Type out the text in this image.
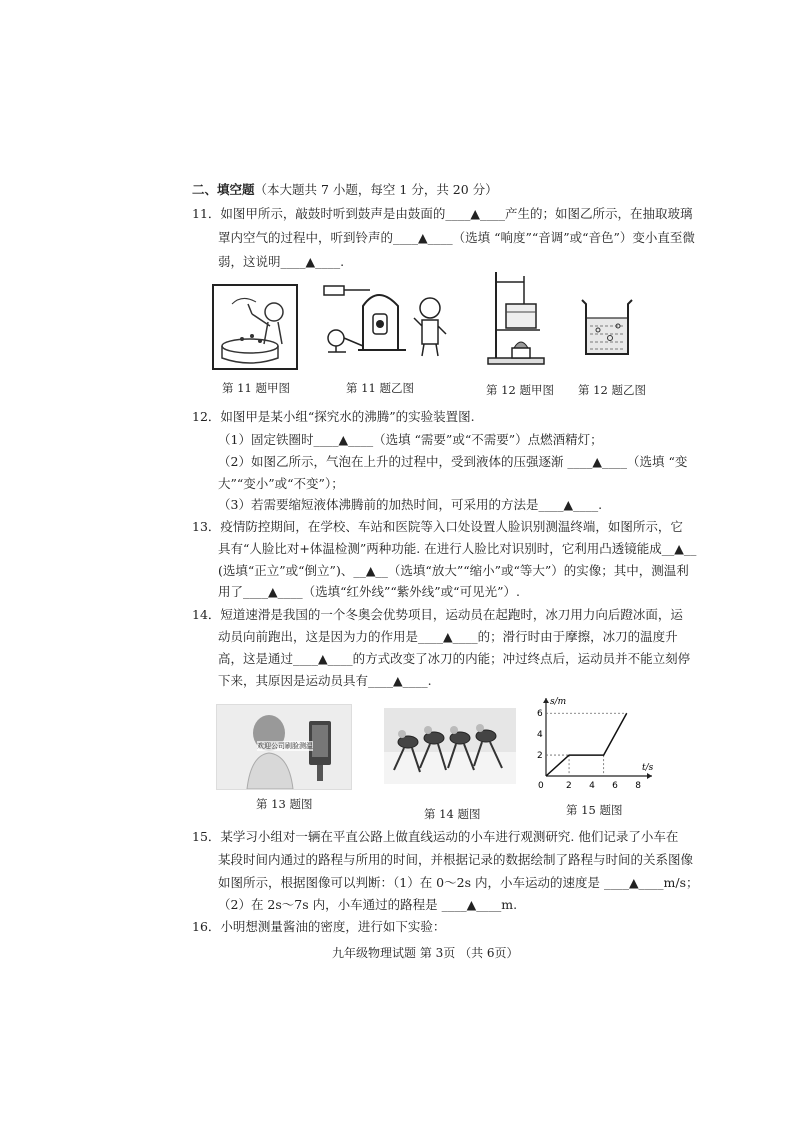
二、填空题（本大题共 7 小题，每空 1 分，共 20 分）
11．如图甲所示，敲鼓时听到鼓声是由鼓面的____▲____产生的；如图乙所示，在抽取玻璃
罩内空气的过程中，听到铃声的____▲____（选填 “响度”“音调”或“音色”）变小直至微
弱，这说明____▲____.
第 11 题甲图	第 11 题乙图	第 12 题甲图 第 12 题乙图
12．如图甲是某小组“探究水的沸腾”的实验装置图.
（1）固定铁圈时____▲____（选填 “需要”或“不需要”）点燃酒精灯；
（2）如图乙所示，气泡在上升的过程中，受到液体的压强逐渐 ____▲____（选填 “变
大”“变小”或“不变”）；
（3）若需要缩短液体沸腾前的加热时间，可采用的方法是____▲____.
13．疫情防控期间，在学校、车站和医院等入口处设置人脸识别测温终端，如图所示，它
具有“人脸比对+体温检测”两种功能. 在进行人脸比对识别时，它利用凸透镜能成__▲__
(选填“正立”或“倒立”)、__▲__（选填“放大”“缩小”或“等大”）的实像；其中，测温利
用了____▲____（选填“红外线”“紫外线”或“可见光”）.
14．短道速滑是我国的一个冬奥会优势项目，运动员在起跑时，冰刀用力向后蹬冰面，运
动员向前跑出，这是因为力的作用是____▲____的；滑行时由于摩擦，冰刀的温度升
高，这是通过____▲____的方式改变了冰刀的内能；冲过终点后，运动员并不能立刻停
下来，其原因是运动员具有____▲____.
欢迎公司刷脸测温
第 13 题图
第 14 题图
t/s
s/m
0 2 4 6 8
2
4
6
第 15 题图
15．某学习小组对一辆在平直公路上做直线运动的小车进行观测研究. 他们记录了小车在
某段时间内通过的路程与所用的时间，并根据记录的数据绘制了路程与时间的关系图像
如图所示，根据图像可以判断：（1）在 0～2s 内，小车运动的速度是 ____▲____m/s；
（2）在 2s～7s 内，小车通过的路程是 ____▲____m.
16．小明想测量酱油的密度，进行如下实验：
九年级物理试题 第 3页 （共 6页）
